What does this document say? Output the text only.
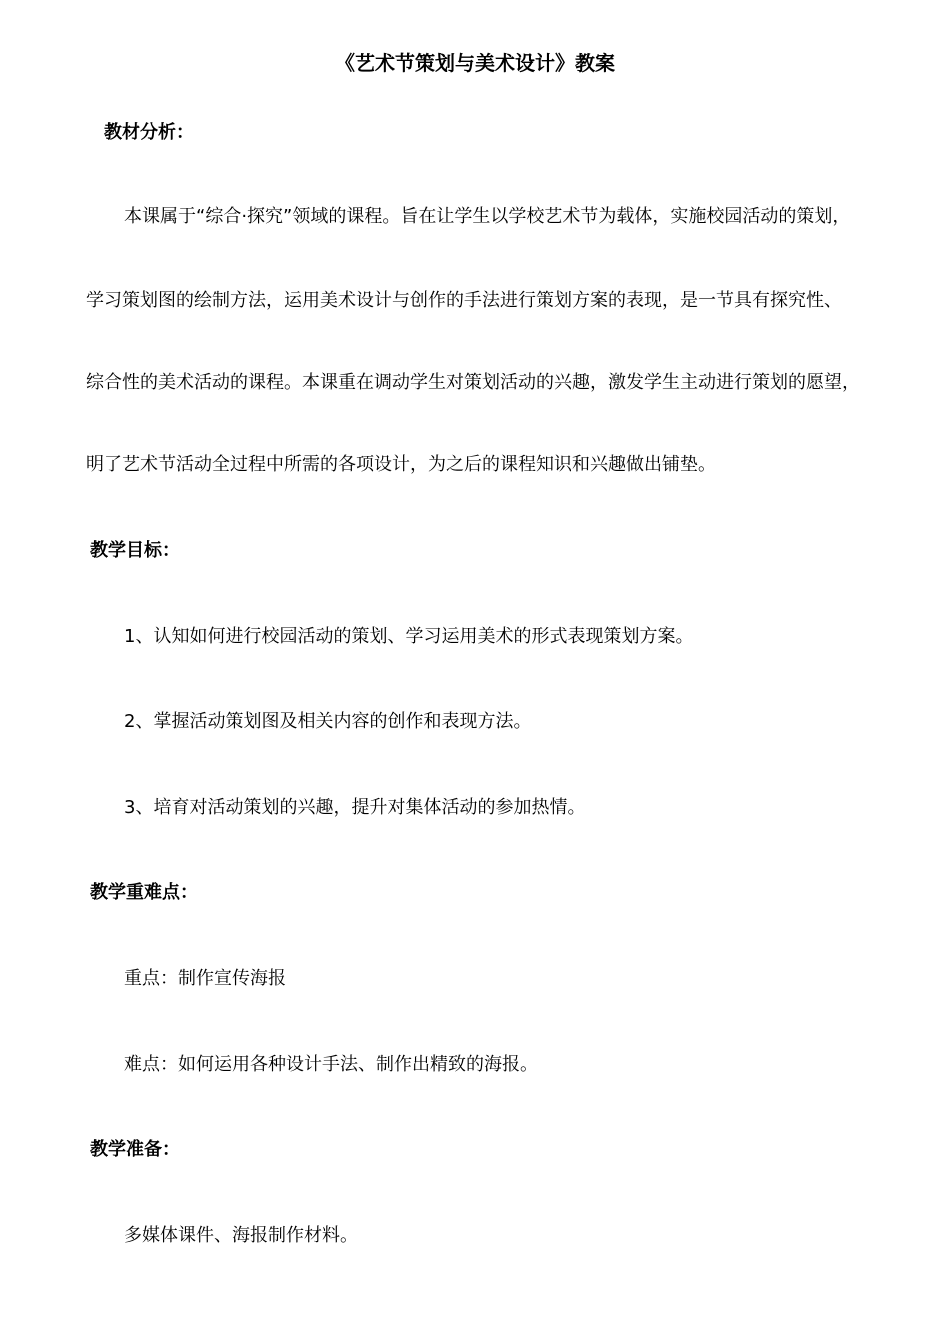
《艺术节策划与美术设计》教案
教材分析：
本课属于“综合·探究”领域的课程。旨在让学生以学校艺术节为载体，实施校园活动的策划，
学习策划图的绘制方法，运用美术设计与创作的手法进行策划方案的表现，是一节具有探究性、
综合性的美术活动的课程。本课重在调动学生对策划活动的兴趣，激发学生主动进行策划的愿望，
明了艺术节活动全过程中所需的各项设计，为之后的课程知识和兴趣做出铺垫。
教学目标：
1、认知如何进行校园活动的策划、学习运用美术的形式表现策划方案。
2、掌握活动策划图及相关内容的创作和表现方法。
3、培育对活动策划的兴趣，提升对集体活动的参加热情。
教学重难点：
重点：制作宣传海报
难点：如何运用各种设计手法、制作出精致的海报。
教学准备：
多媒体课件、海报制作材料。
